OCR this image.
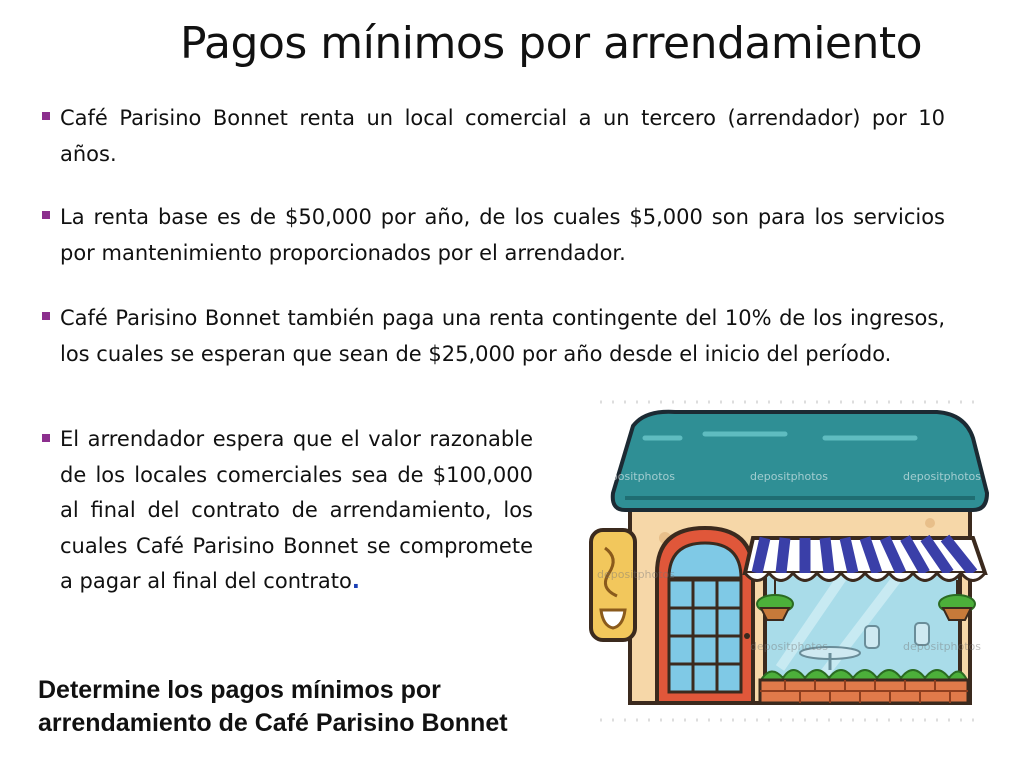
Pagos mínimos por arrendamiento
Café Parisino Bonnet renta un local comercial a un tercero (arrendador) por 10 años.
La renta base es de $50,000 por año, de los cuales $5,000 son para los servicios por mantenimiento proporcionados por el arrendador.
Café Parisino Bonnet también paga una renta contingente del 10% de los ingresos, los cuales se esperan que sean de $25,000 por año desde el inicio del período.
El arrendador espera que el valor razonable de los locales comerciales sea de $100,000 al final del contrato de arrendamiento, los cuales Café Parisino Bonnet se compromete a pagar al final del contrato.
Determine los pagos mínimos por arrendamiento de Café Parisino Bonnet
depositphotos	depositphotos	depositphotos
depositphotos
depositphotos	depositphotos
